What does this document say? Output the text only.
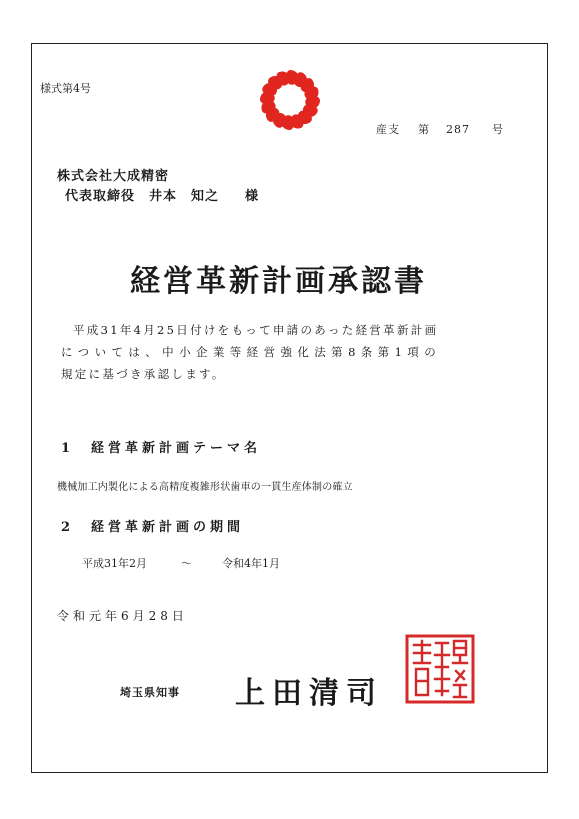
様式第4号
産支 第 287 号
株式会社大成精密
代表取締役　井本　知之 様
経営革新計画承認書

平成31年4月25日付けをもって申請のあった経営革新計画

については、中小企業等経営強化法第8条第1項の

規定に基づき承認します。

1　経営革新計画テーマ名
機械加工内製化による高精度複雑形状歯車の一貫生産体制の確立
2　経営革新計画の期間
平成31年2月	～	令和4年1月
令和元年6月28日
埼玉県知事 上田清司
